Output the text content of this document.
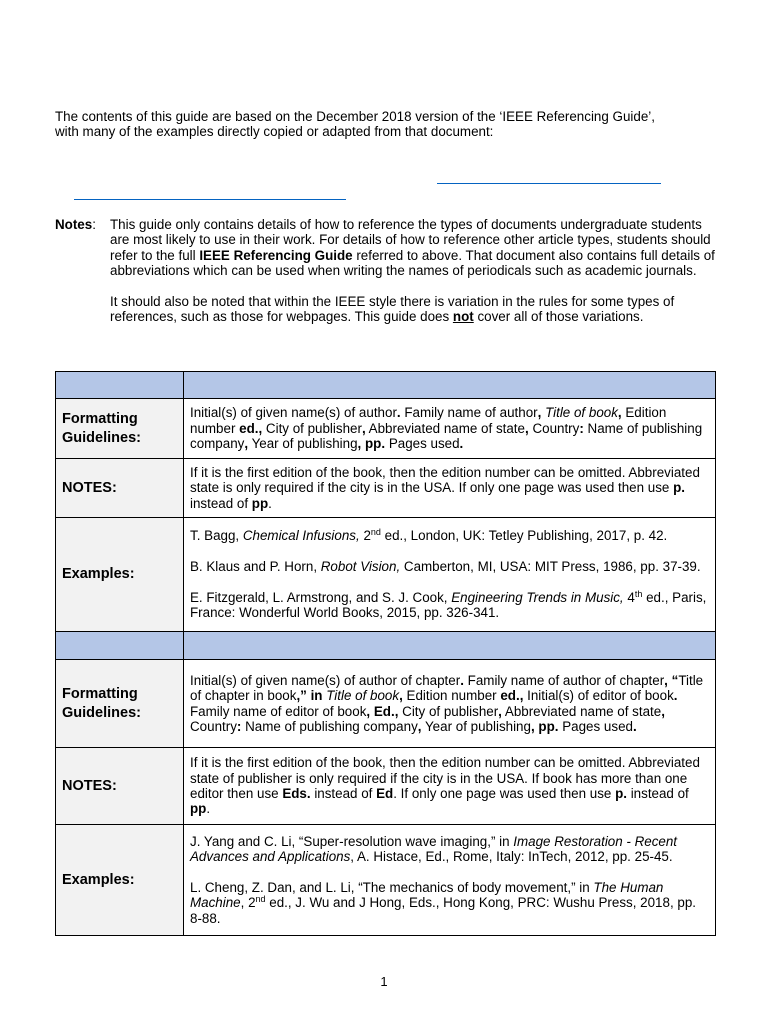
The contents of this guide are based on the December 2018 version of the ‘IEEE Referencing Guide’,
with many of the examples directly copied or adapted from that document:
Notes: This guide only contains details of how to reference the types of documents undergraduate students are most likely to use in their work. For details of how to reference other article types, students should refer to the full IEEE Referencing Guide referred to above. That document also contains full details of abbreviations which can be used when writing the names of periodicals such as academic journals.

It should also be noted that within the IEEE style there is variation in the rules for some types of references, such as those for webpages. This guide does not cover all of those variations.

Formatting Guidelines:	Initial(s) of given name(s) of author. Family name of author, Title of book, Edition number ed., City of publisher, Abbreviated name of state, Country: Name of publishing company, Year of publishing, pp. Pages used.
NOTES:	If it is the first edition of the book, then the edition number can be omitted. Abbreviated state is only required if the city is in the USA. If only one page was used then use p. instead of pp.
Examples:	T. Bagg, Chemical Infusions, 2nd ed., London, UK: Tetley Publishing, 2017, p. 42.

B. Klaus and P. Horn, Robot Vision, Camberton, MI, USA: MIT Press, 1986, pp. 37-39.

E. Fitzgerald, L. Armstrong, and S. J. Cook, Engineering Trends in Music, 4th ed., Paris, France: Wonderful World Books, 2015, pp. 326-341.

Formatting Guidelines:	Initial(s) of given name(s) of author of chapter. Family name of author of chapter, “Title of chapter in book,” in Title of book, Edition number ed., Initial(s) of editor of book. Family name of editor of book, Ed., City of publisher, Abbreviated name of state, Country: Name of publishing company, Year of publishing, pp. Pages used.
NOTES:	If it is the first edition of the book, then the edition number can be omitted. Abbreviated state of publisher is only required if the city is in the USA. If book has more than one editor then use Eds. instead of Ed. If only one page was used then use p. instead of pp.
Examples:	J. Yang and C. Li, “Super-resolution wave imaging,” in Image Restoration - Recent Advances and Applications, A. Histace, Ed., Rome, Italy: InTech, 2012, pp. 25-45.

L. Cheng, Z. Dan, and L. Li, “The mechanics of body movement,” in The Human Machine, 2nd ed., J. Wu and J Hong, Eds., Hong Kong, PRC: Wushu Press, 2018, pp. 8-88.

1
